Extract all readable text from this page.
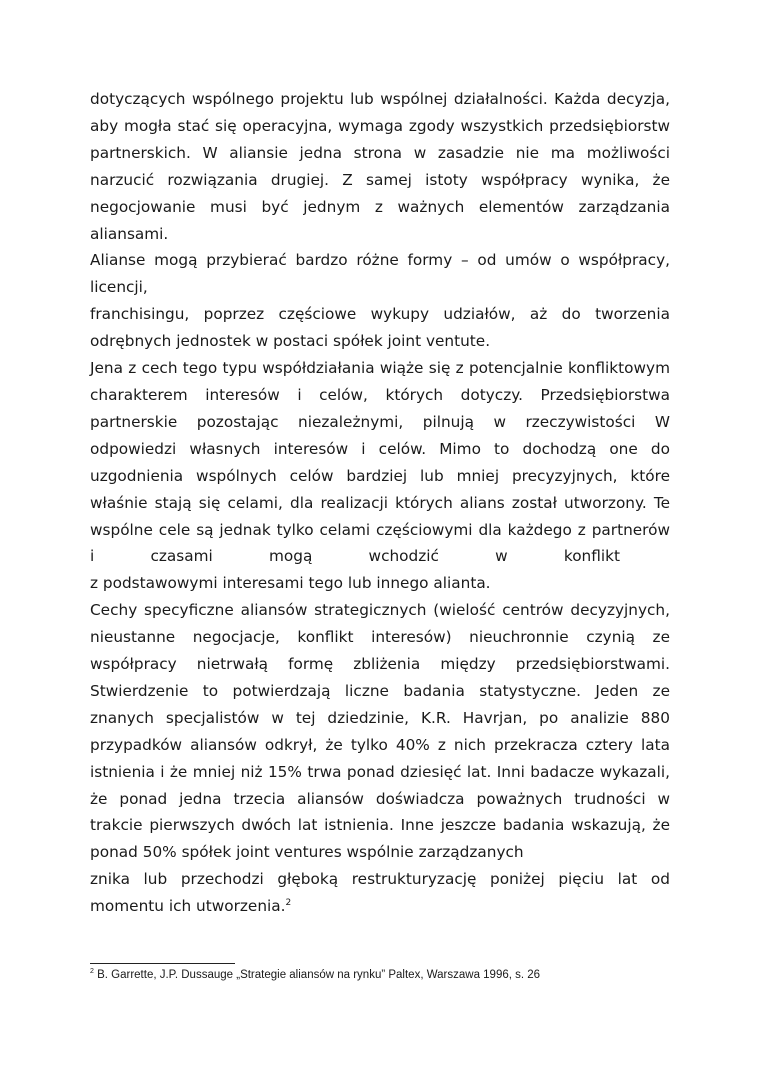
dotyczących wspólnego projektu lub wspólnej działalności. Każda decyzja,
aby mogła stać się operacyjna, wymaga zgody wszystkich przedsiębiorstw
partnerskich. W aliansie jedna strona w zasadzie nie ma możliwości
narzucić rozwiązania drugiej. Z samej istoty współpracy wynika, że
negocjowanie musi być jednym z ważnych elementów zarządzania
aliansami.
Alianse mogą przybierać bardzo różne formy – od umów o współpracy,
licencji,
franchisingu, poprzez częściowe wykupy udziałów, aż do tworzenia
odrębnych jednostek w postaci spółek joint ventute.
Jena z cech tego typu współdziałania wiąże się z potencjalnie konfliktowym
charakterem interesów i celów, których dotyczy. Przedsiębiorstwa
partnerskie pozostając niezależnymi, pilnują w rzeczywistości W
odpowiedzi własnych interesów i celów. Mimo to dochodzą one do
uzgodnienia wspólnych celów bardziej lub mniej precyzyjnych, które
właśnie stają się celami, dla realizacji których alians został utworzony. Te
wspólne cele są jednak tylko celami częściowymi dla każdego z partnerów
i czasami mogą wchodzić w konflikt
z podstawowymi interesami tego lub innego alianta.
Cechy specyficzne aliansów strategicznych (wielość centrów decyzyjnych,
nieustanne negocjacje, konflikt interesów) nieuchronnie czynią ze
współpracy nietrwałą formę zbliżenia między przedsiębiorstwami.
Stwierdzenie to potwierdzają liczne badania statystyczne. Jeden ze
znanych specjalistów w tej dziedzinie, K.R. Havrjan, po analizie 880
przypadków aliansów odkrył, że tylko 40% z nich przekracza cztery lata
istnienia i że mniej niż 15% trwa ponad dziesięć lat. Inni badacze wykazali,
że ponad jedna trzecia aliansów doświadcza poważnych trudności w
trakcie pierwszych dwóch lat istnienia. Inne jeszcze badania wskazują, że
ponad 50% spółek joint ventures wspólnie zarządzanych
znika lub przechodzi głęboką restrukturyzację poniżej pięciu lat od
momentu ich utworzenia.$^2$
$^2$ B. Garrette, J.P. Dussauge „Strategie aliansów na rynku” Paltex, Warszawa 1996, s. 26
